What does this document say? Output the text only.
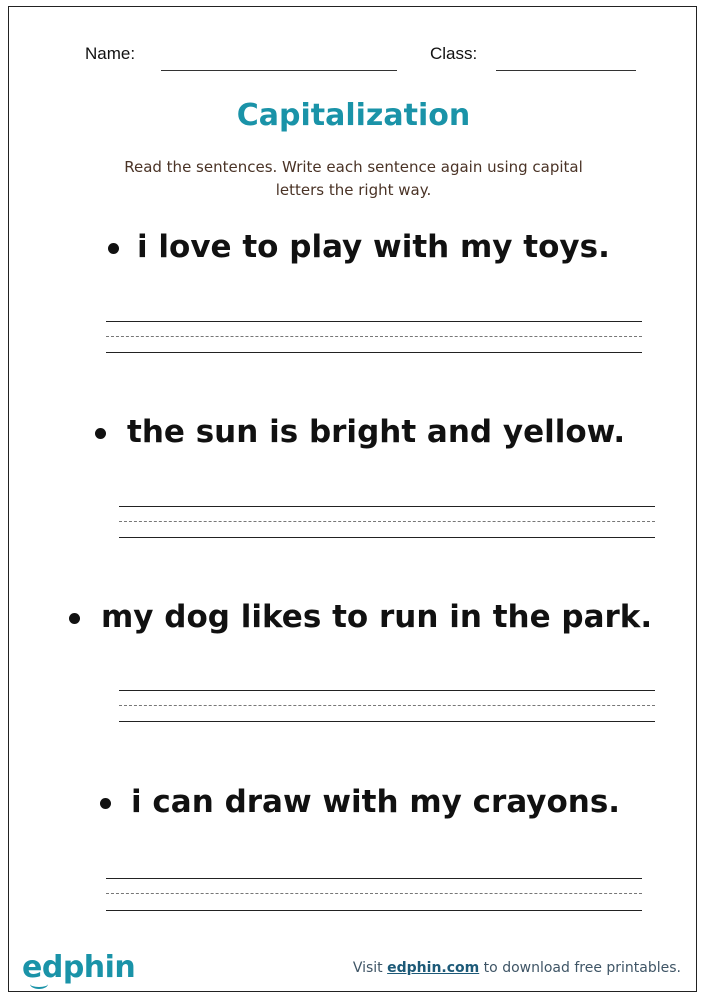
Name:	Class:
Capitalization
Read the sentences. Write each sentence again using capital
letters the right way.
i love to play with my toys.
the sun is bright and yellow.
my dog likes to run in the park.
i can draw with my crayons.
edphin	Visit edphin.com to download free printables.
